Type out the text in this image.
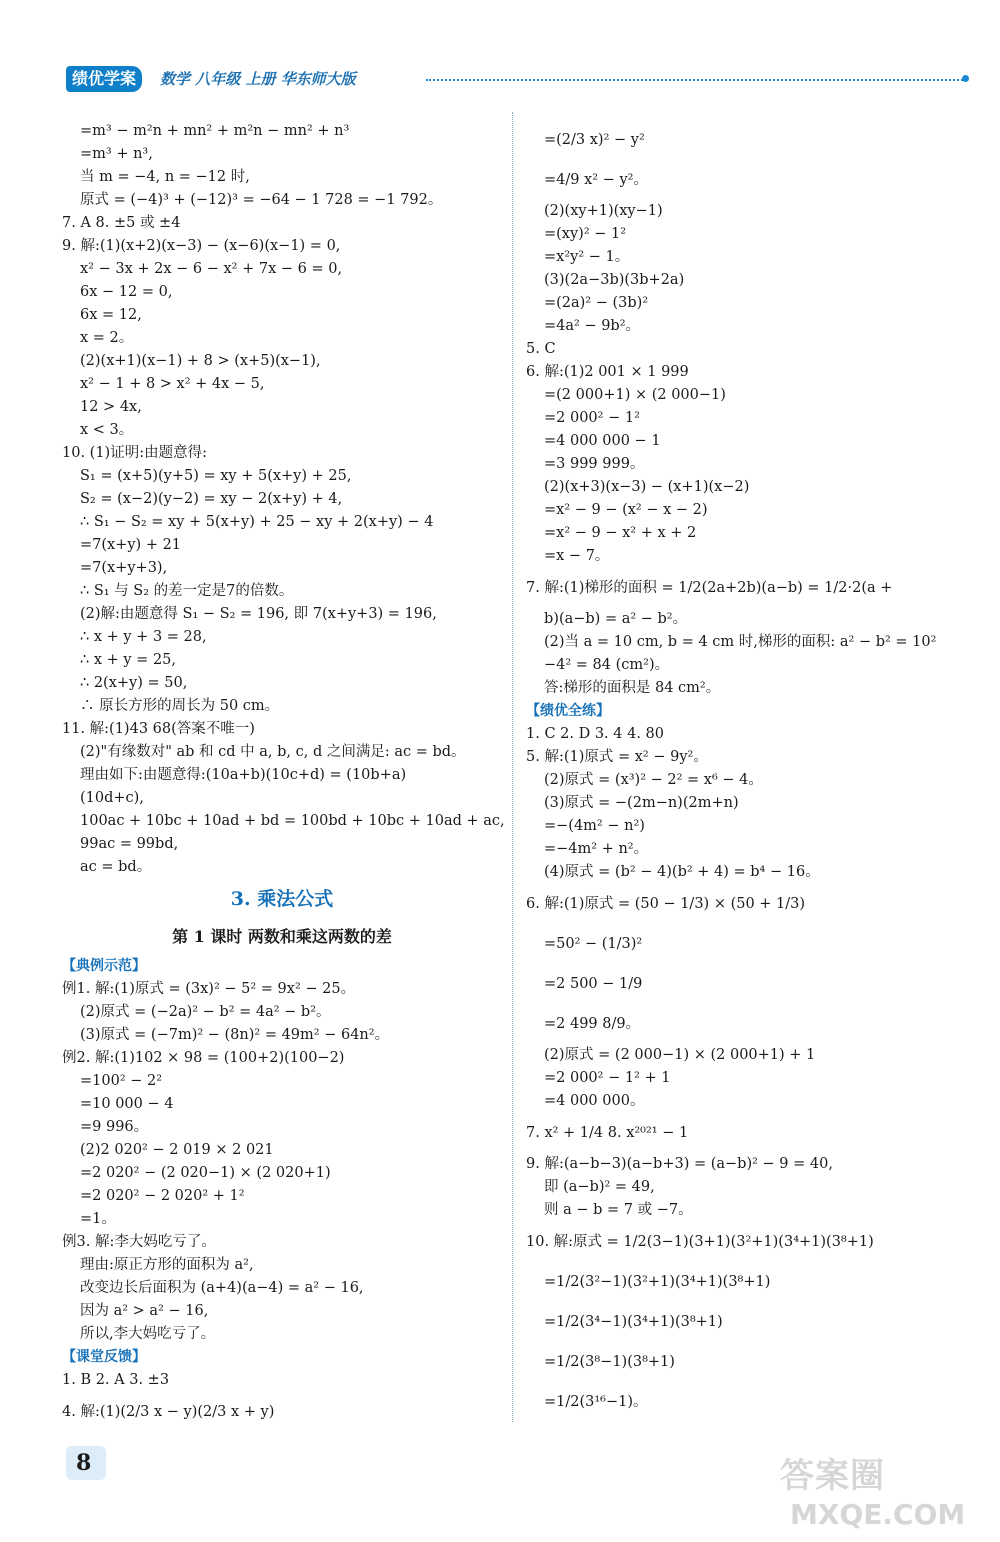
绩优学案	数学 八年级 上册 华东师大版
=m³ − m²n + mn² + m²n − mn² + n³
=m³ + n³,
当 m = −4, n = −12 时,
原式 = (−4)³ + (−12)³ = −64 − 1 728 = −1 792。
7. A 8. ±5 或 ±4
9. 解:(1)(x+2)(x−3) − (x−6)(x−1) = 0,
x² − 3x + 2x − 6 − x² + 7x − 6 = 0,
6x − 12 = 0,
6x = 12,
x = 2。
(2)(x+1)(x−1) + 8 > (x+5)(x−1),
x² − 1 + 8 > x² + 4x − 5,
12 > 4x,
x < 3。
10. (1)证明:由题意得:
S₁ = (x+5)(y+5) = xy + 5(x+y) + 25,
S₂ = (x−2)(y−2) = xy − 2(x+y) + 4,
∴ S₁ − S₂ = xy + 5(x+y) + 25 − xy + 2(x+y) − 4
=7(x+y) + 21
=7(x+y+3),
∴ S₁ 与 S₂ 的差一定是7的倍数。
(2)解:由题意得 S₁ − S₂ = 196, 即 7(x+y+3) = 196,
∴ x + y + 3 = 28,
∴ x + y = 25,
∴ 2(x+y) = 50,
∴ 原长方形的周长为 50 cm。
11. 解:(1)43 68(答案不唯一)
(2)"有缘数对" ab 和 cd 中 a, b, c, d 之间满足: ac = bd。
理由如下:由题意得:(10a+b)(10c+d) = (10b+a)
(10d+c),
100ac + 10bc + 10ad + bd = 100bd + 10bc + 10ad + ac,
99ac = 99bd,
ac = bd。
3. 乘法公式
第 1 课时 两数和乘这两数的差
【典例示范】
例1. 解:(1)原式 = (3x)² − 5² = 9x² − 25。
(2)原式 = (−2a)² − b² = 4a² − b²。
(3)原式 = (−7m)² − (8n)² = 49m² − 64n²。
例2. 解:(1)102 × 98 = (100+2)(100−2)
=100² − 2²
=10 000 − 4
=9 996。
(2)2 020² − 2 019 × 2 021
=2 020² − (2 020−1) × (2 020+1)
=2 020² − 2 020² + 1²
=1。
例3. 解:李大妈吃亏了。
理由:原正方形的面积为 a²,
改变边长后面积为 (a+4)(a−4) = a² − 16,
因为 a² > a² − 16,
所以,李大妈吃亏了。
【课堂反馈】
1. B 2. A 3. ±3
4. 解:(1)(2/3 x − y)(2/3 x + y)
=(2/3 x)² − y²
=4/9 x² − y²。
(2)(xy+1)(xy−1)
=(xy)² − 1²
=x²y² − 1。
(3)(2a−3b)(3b+2a)
=(2a)² − (3b)²
=4a² − 9b²。
5. C
6. 解:(1)2 001 × 1 999
=(2 000+1) × (2 000−1)
=2 000² − 1²
=4 000 000 − 1
=3 999 999。
(2)(x+3)(x−3) − (x+1)(x−2)
=x² − 9 − (x² − x − 2)
=x² − 9 − x² + x + 2
=x − 7。
7. 解:(1)梯形的面积 = 1/2(2a+2b)(a−b) = 1/2·2(a +
b)(a−b) = a² − b²。
(2)当 a = 10 cm, b = 4 cm 时,梯形的面积: a² − b² = 10²
−4² = 84 (cm²)。
答:梯形的面积是 84 cm²。
【绩优全练】
1. C 2. D 3. 4 4. 80
5. 解:(1)原式 = x² − 9y²。
(2)原式 = (x³)² − 2² = x⁶ − 4。
(3)原式 = −(2m−n)(2m+n)
=−(4m² − n²)
=−4m² + n²。
(4)原式 = (b² − 4)(b² + 4) = b⁴ − 16。
6. 解:(1)原式 = (50 − 1/3) × (50 + 1/3)
=50² − (1/3)²
=2 500 − 1/9
=2 499 8/9。
(2)原式 = (2 000−1) × (2 000+1) + 1
=2 000² − 1² + 1
=4 000 000。
7. x² + 1/4 8. x²⁰²¹ − 1
9. 解:(a−b−3)(a−b+3) = (a−b)² − 9 = 40,
即 (a−b)² = 49,
则 a − b = 7 或 −7。
10. 解:原式 = 1/2(3−1)(3+1)(3²+1)(3⁴+1)(3⁸+1)
=1/2(3²−1)(3²+1)(3⁴+1)(3⁸+1)
=1/2(3⁴−1)(3⁴+1)(3⁸+1)
=1/2(3⁸−1)(3⁸+1)
=1/2(3¹⁶−1)。
8	答案圈
MXQE.COM
